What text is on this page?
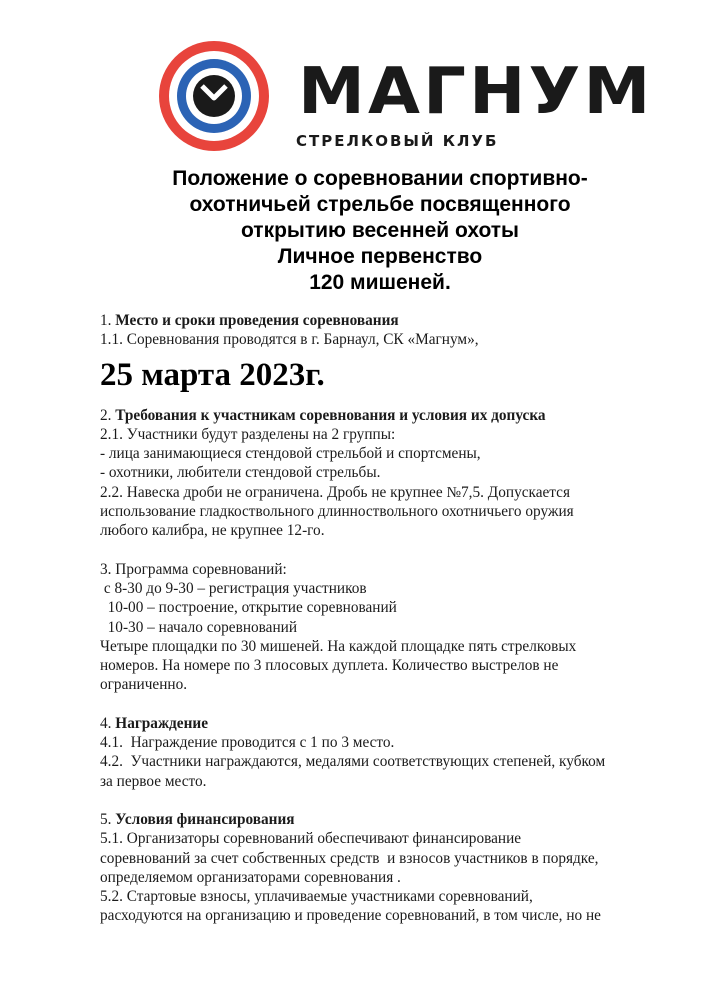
МАГНУМ
СТРЕЛКОВЫЙ КЛУБ
Положение о соревновании спортивно-
охотничьей стрельбе посвященного
открытию весенней охоты
Личное первенство
120 мишеней.

1. Место и сроки проведения соревнования

1.1. Соревнования проводятся в г. Барнаул, СК «Магнум»,

25 марта 2023г.

2. Требования к участникам соревнования и условия их допуска

2.1. Участники будут разделены на 2 группы:

- лица занимающиеся стендовой стрельбой и спортсмены,

- охотники, любители стендовой стрельбы.

2.2. Навеска дроби не ограничена. Дробь не крупнее №7,5. Допускается

использование гладкоствольного длинноствольного охотничьего оружия

любого калибра, не крупнее 12-го.

3. Программа соревнований:

с 8-30 до 9-30 – регистрация участников

10-00 – построение, открытие соревнований

10-30 – начало соревнований

Четыре площадки по 30 мишеней. На каждой площадке пять стрелковых

номеров. На номере по 3 плосовых дуплета. Количество выстрелов не

ограниченно.

4. Награждение

4.1.  Награждение проводится с 1 по 3 место.

4.2.  Участники награждаются, медалями соответствующих степеней, кубком

за первое место.

5. Условия финансирования

5.1. Организаторы соревнований обеспечивают финансирование

соревнований за счет собственных средств  и взносов участников в порядке,

определяемом организаторами соревнования .

5.2. Стартовые взносы, уплачиваемые участниками соревнований,

расходуются на организацию и проведение соревнований, в том числе, но не
